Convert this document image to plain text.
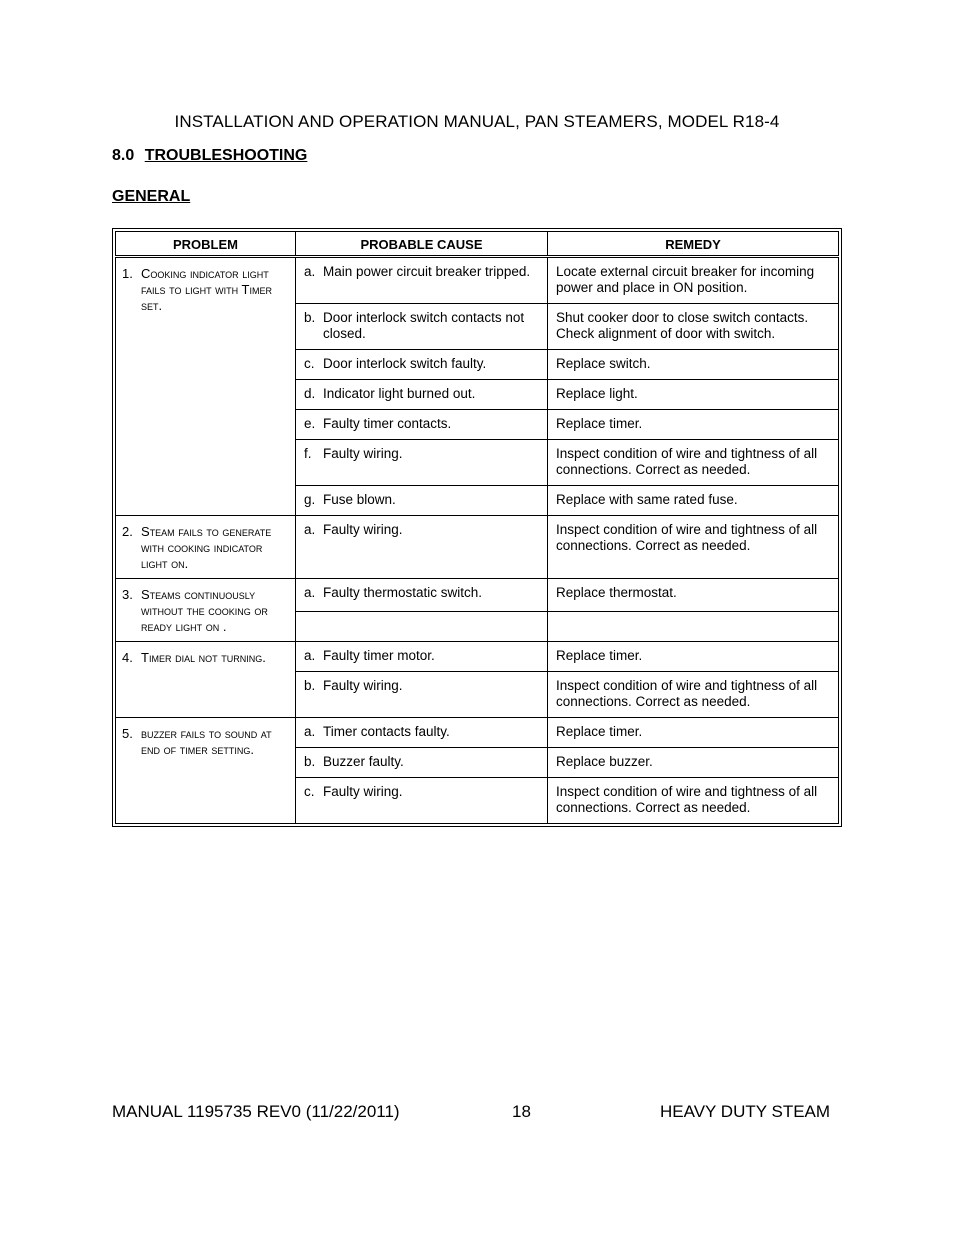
INSTALLATION AND OPERATION MANUAL, PAN STEAMERS, MODEL R18-4
8.0 TROUBLESHOOTING
GENERAL
PROBLEM	PROBABLE CAUSE	REMEDY

1. Cooking indicator light fails to light with Timer set.	a. Main power circuit breaker tripped.	Locate external circuit breaker for incoming power and place in ON position.

	b. Door interlock switch contacts not closed.	Shut cooker door to close switch contacts. Check alignment of door with switch.

	c. Door interlock switch faulty.	Replace switch.

	d. Indicator light burned out.	Replace light.

	e. Faulty timer contacts.	Replace timer.

	f. Faulty wiring.	Inspect condition of wire and tightness of all connections. Correct as needed.

	g. Fuse blown.	Replace with same rated fuse.

2. Steam fails to generate with cooking indicator light on.	a. Faulty wiring.	Inspect condition of wire and tightness of all connections. Correct as needed.

3. Steams continuously without the cooking or ready light on .	a. Faulty thermostatic switch.	Replace thermostat.

4. Timer dial not turning.	a. Faulty timer motor.	Replace timer.

	b. Faulty wiring.	Inspect condition of wire and tightness of all connections. Correct as needed.

5. buzzer fails to sound at end of timer setting.	a. Timer contacts faulty.	Replace timer.

	b. Buzzer faulty.	Replace buzzer.

	c. Faulty wiring.	Inspect condition of wire and tightness of all connections. Correct as needed.
MANUAL 1195735 REV0 (11/22/2011)	18	HEAVY DUTY STEAM
